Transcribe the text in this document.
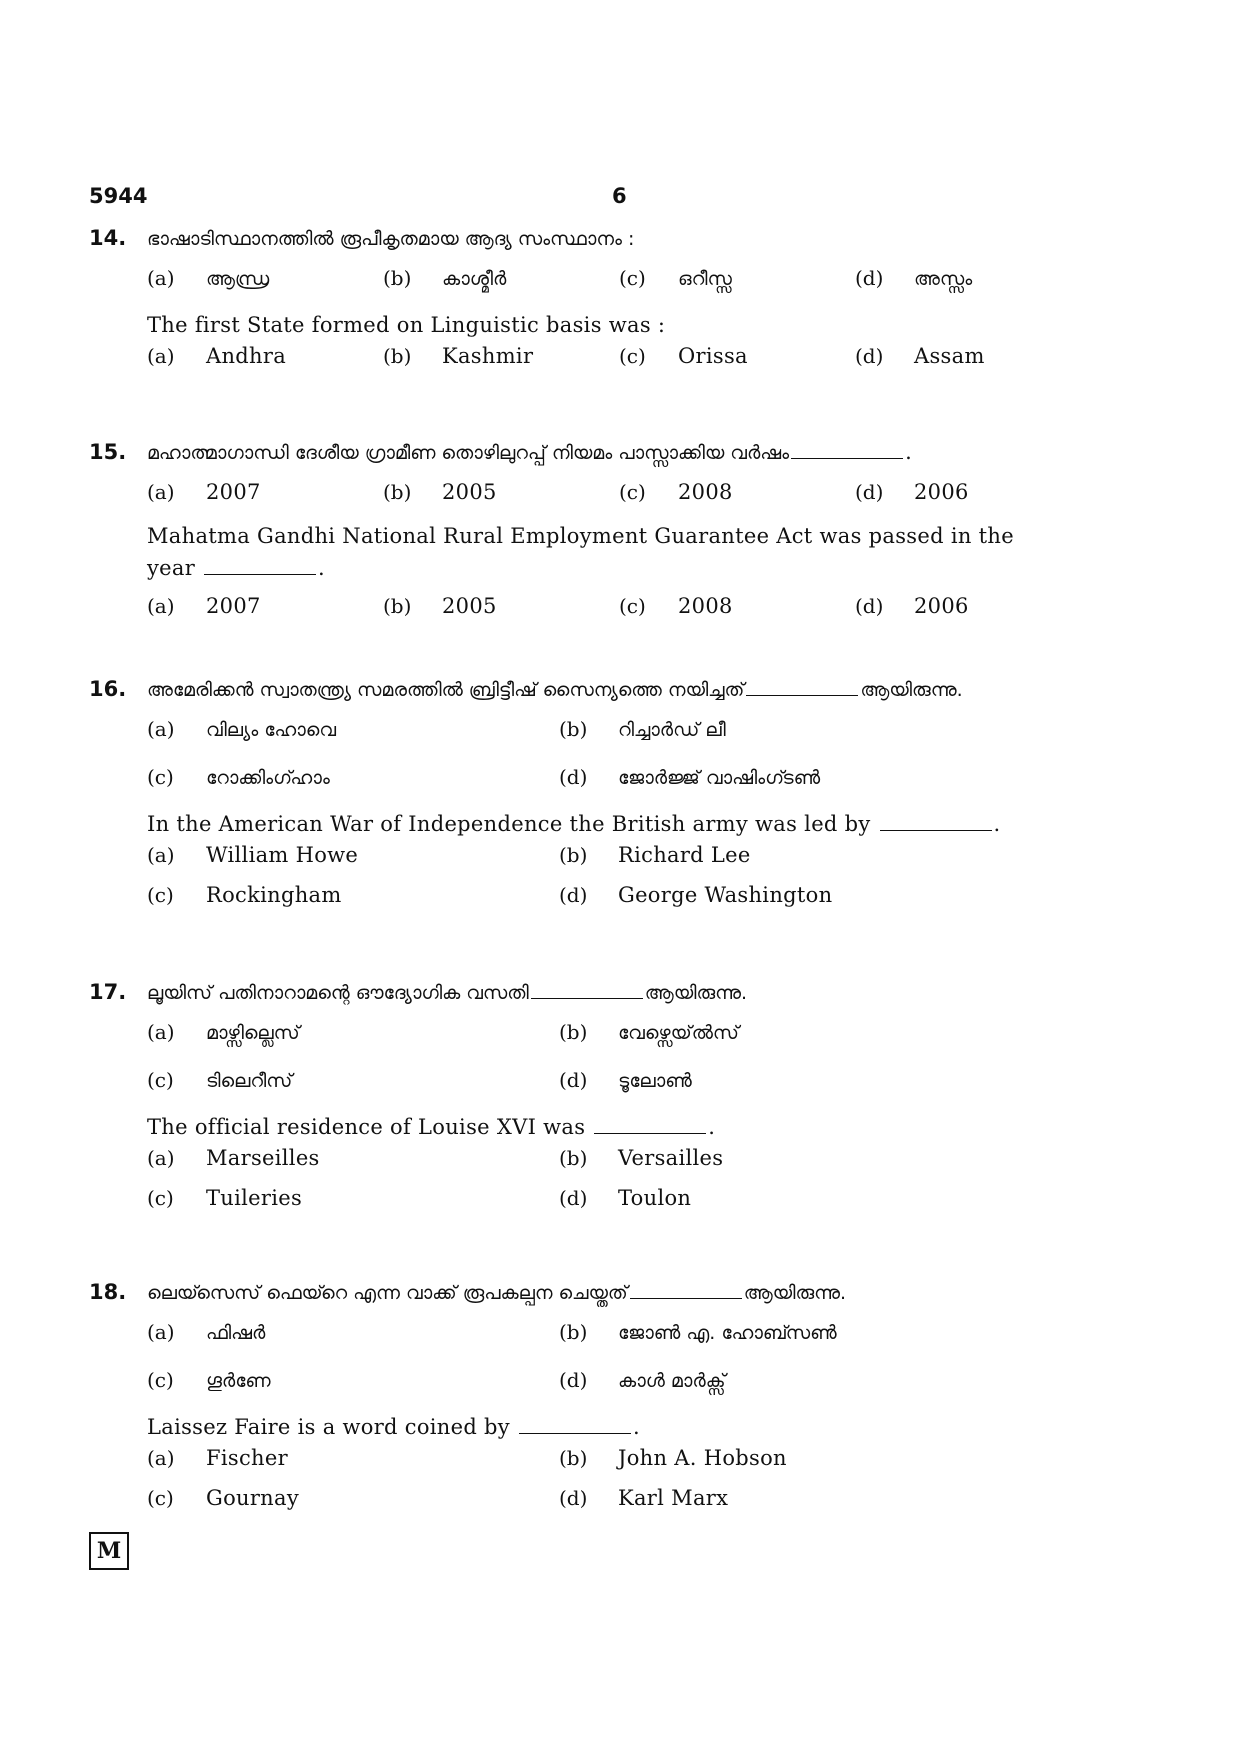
5944	6
14.	ഭാഷാടിസ്ഥാനത്തിൽ രൂപീകൃതമായ ആദ്യ സംസ്ഥാനം :
(a)	ആന്ധ്ര	(b)	കാശ്മീർ	(c)	ഒറീസ്സ	(d)	അസ്സം
The first State formed on Linguistic basis was :
(a)	Andhra	(b)	Kashmir	(c)	Orissa	(d)	Assam
15.	മഹാത്മാഗാന്ധി ദേശീയ ഗ്രാമീണ തൊഴിലുറപ്പ് നിയമം പാസ്സാക്കിയ വർഷം	.
(a)	2007	(b)	2005	(c)	2008	(d)	2006
Mahatma Gandhi National Rural Employment Guarantee Act was passed in the
year	.
(a)	2007	(b)	2005	(c)	2008	(d)	2006
16.	അമേരിക്കൻ സ്വാതന്ത്ര്യ സമരത്തിൽ ബ്രിട്ടീഷ് സൈന്യത്തെ നയിച്ചത്	ആയിരുന്നു.
(a)	വില്യം ഹോവെ	(b)	റിച്ചാർഡ് ലീ
(c)	റോക്കിംഗ്ഹാം	(d)	ജോർജ്ജ് വാഷിംഗ്ടൺ
In the American War of Independence the British army was led by	.
(a)	William Howe	(b)	Richard Lee
(c)	Rockingham	(d)	George Washington
17.	ലൂയിസ് പതിനാറാമന്റെ ഔദ്യോഗിക വസതി	ആയിരുന്നു.
(a)	മാഴ്സില്ലെസ്	(b)	വേഴ്സെയ്ൽസ്
(c)	ടിലെറീസ്	(d)	ടൂലോൺ
The official residence of Louise XVI was	.
(a)	Marseilles	(b)	Versailles
(c)	Tuileries	(d)	Toulon
18.	ലെയ്സെസ് ഫെയ്റെ എന്ന വാക്ക് രൂപകല്പന ചെയ്തത്	ആയിരുന്നു.
(a)	ഫിഷർ	(b)	ജോൺ എ. ഹോബ്സൺ
(c)	ഗൂർണേ	(d)	കാൾ മാർക്സ്
Laissez Faire is a word coined by	.
(a)	Fischer	(b)	John A. Hobson
(c)	Gournay	(d)	Karl Marx
M
